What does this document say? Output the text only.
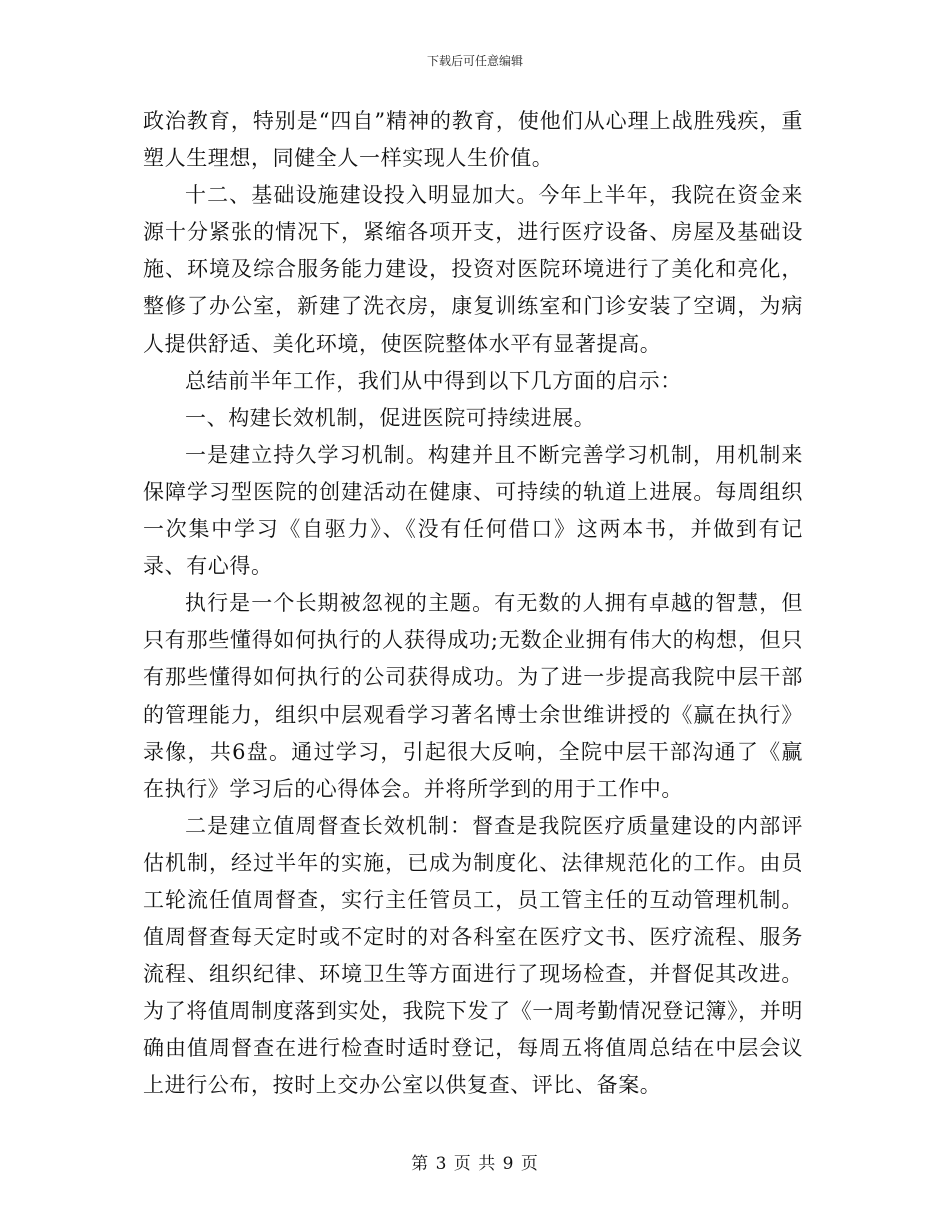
下载后可任意编辑

政治教育，特别是“四自”精神的教育，使他们从心理上战胜残疾，重塑人生理想，同健全人一样实现人生价值。

十二、基础设施建设投入明显加大。今年上半年，我院在资金来源十分紧张的情况下，紧缩各项开支，进行医疗设备、房屋及基础设施、环境及综合服务能力建设，投资对医院环境进行了美化和亮化，整修了办公室，新建了洗衣房，康复训练室和门诊安装了空调，为病人提供舒适、美化环境，使医院整体水平有显著提高。

总结前半年工作，我们从中得到以下几方面的启示：

一、构建长效机制，促进医院可持续进展。

一是建立持久学习机制。构建并且不断完善学习机制，用机制来保障学习型医院的创建活动在健康、可持续的轨道上进展。每周组织一次集中学习《自驱力》、《没有任何借口》这两本书，并做到有记录、有心得。

执行是一个长期被忽视的主题。有无数的人拥有卓越的智慧，但只有那些懂得如何执行的人获得成功;无数企业拥有伟大的构想，但只有那些懂得如何执行的公司获得成功。为了进一步提高我院中层干部的管理能力，组织中层观看学习著名博士余世维讲授的《赢在执行》录像，共6盘。通过学习，引起很大反响，全院中层干部沟通了《赢在执行》学习后的心得体会。并将所学到的用于工作中。

二是建立值周督查长效机制：督查是我院医疗质量建设的内部评估机制，经过半年的实施，已成为制度化、法律规范化的工作。由员工轮流任值周督查，实行主任管员工，员工管主任的互动管理机制。值周督查每天定时或不定时的对各科室在医疗文书、医疗流程、服务流程、组织纪律、环境卫生等方面进行了现场检查，并督促其改进。为了将值周制度落到实处，我院下发了《一周考勤情况登记簿》，并明确由值周督查在进行检查时适时登记，每周五将值周总结在中层会议上进行公布，按时上交办公室以供复查、评比、备案。

第 3 页 共 9 页
